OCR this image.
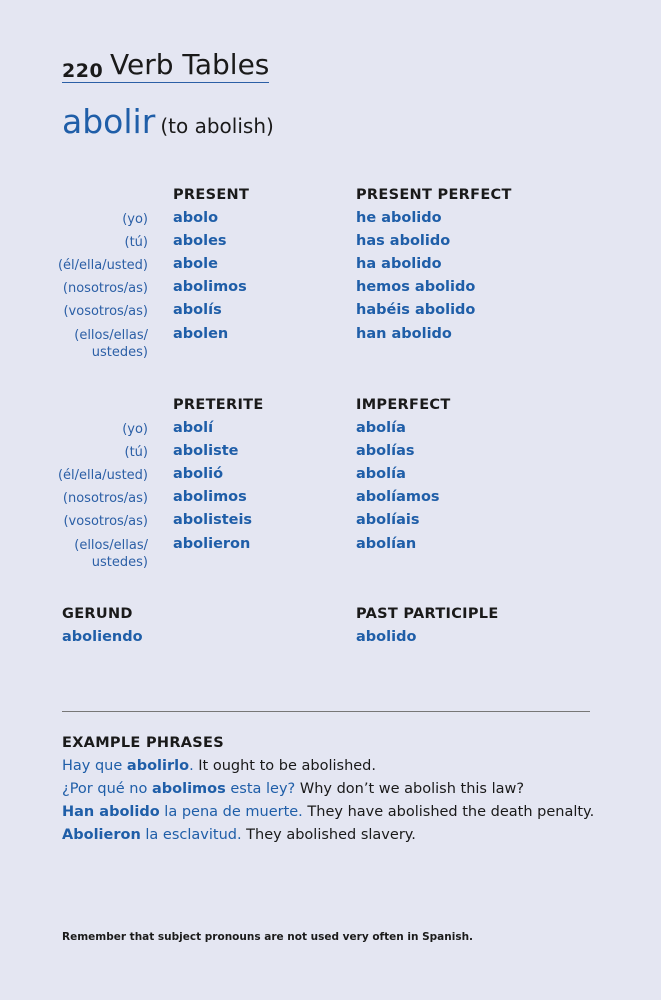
220 Verb Tables
abolir (to abolish)
PRESENT	PRESENT PERFECT
(yo)
(tú)
(él/ella/usted)
(nosotros/as)
(vosotros/as)
(ellos/ellas/
ustedes)
abolo
aboles
abole
abolimos
abolís
abolen
he abolido
has abolido
ha abolido
hemos abolido
habéis abolido
han abolido
PRETERITE	IMPERFECT
(yo)
(tú)
(él/ella/usted)
(nosotros/as)
(vosotros/as)
(ellos/ellas/
ustedes)
abolí
aboliste
abolió
abolimos
abolisteis
abolieron
abolía
abolías
abolía
abolíamos
abolíais
abolían
GERUND
aboliendo
PAST PARTICIPLE
abolido
EXAMPLE PHRASES
Hay que abolirlo. It ought to be abolished.
¿Por qué no abolimos esta ley? Why don’t we abolish this law?
Han abolido la pena de muerte. They have abolished the death penalty.
Abolieron la esclavitud. They abolished slavery.
Remember that subject pronouns are not used very often in Spanish.
